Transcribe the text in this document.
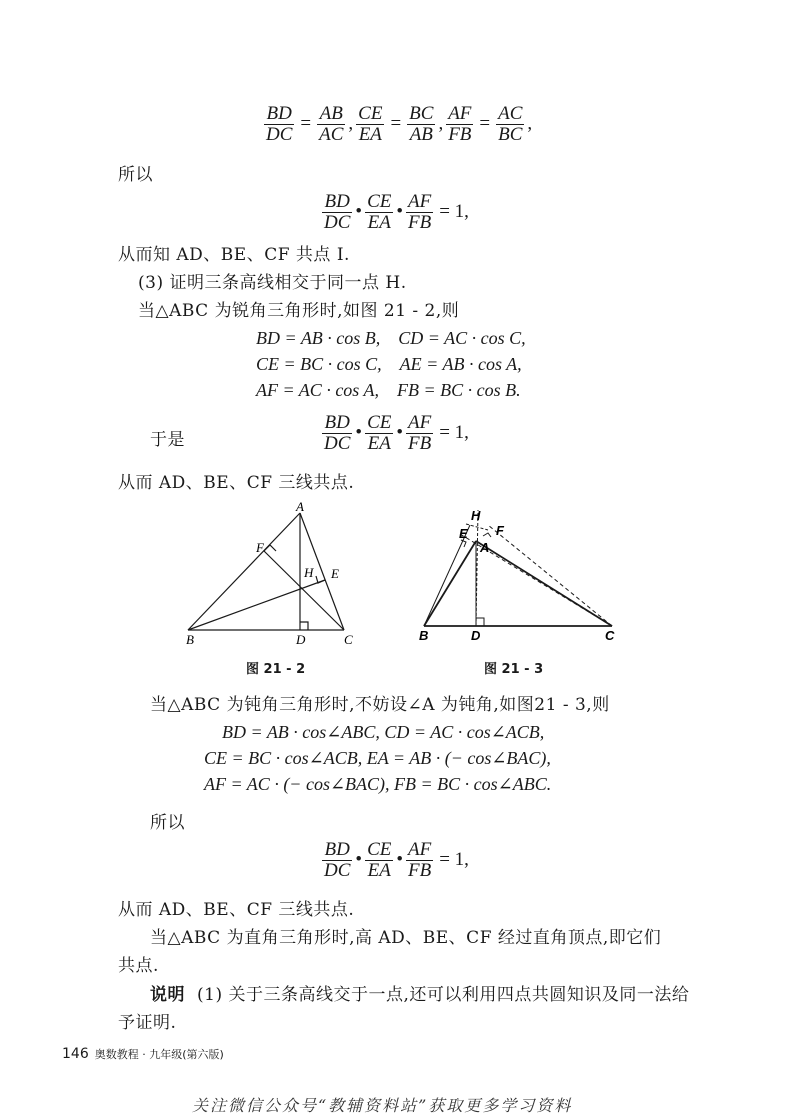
$\frac{BD}{DC} = \frac{AB}{AC}$ , $\frac{CE}{EA} = \frac{BC}{AB}$ , $\frac{AF}{FB} = \frac{AC}{BC}$ ,
所以
$\frac{BD}{DC}$ • $\frac{CE}{EA}$ • $\frac{AF}{FB} = 1$,
从而知 AD、BE、CF 共点 I.
(3) 证明三条高线相交于同一点 H.
当△ABC 为锐角三角形时,如图 21 - 2,则
BD = AB · cos B, CD = AC · cos C,
CE = BC · cos C, AE = AB · cos A,
AF = AC · cos A, FB = BC · cos B.
于是	$\frac{BD}{DC}$ • $\frac{CE}{EA}$ • $\frac{AF}{FB} = 1$,
从而 AD、BE、CF 三线共点.
A
B	C
D
E
F
H
图 21 - 2
A
B	C
D
E F
H
图 21 - 3
当△ABC 为钝角三角形时,不妨设∠A 为钝角,如图21 - 3,则
BD = AB · cos∠ABC, CD = AC · cos∠ACB,
CE = BC · cos∠ACB, EA = AB · (− cos∠BAC),
AF = AC · (− cos∠BAC), FB = BC · cos∠ABC.
所以
$\frac{BD}{DC}$ • $\frac{CE}{EA}$ • $\frac{AF}{FB} = 1$,
从而 AD、BE、CF 三线共点.
当△ABC 为直角三角形时,高 AD、BE、CF 经过直角顶点,即它们
共点.
说明 (1) 关于三条高线交于一点,还可以利用四点共圆知识及同一法给
予证明.
146 奥数教程 · 九年级(第六版)
关注微信公众号“教辅资料站”获取更多学习资料
